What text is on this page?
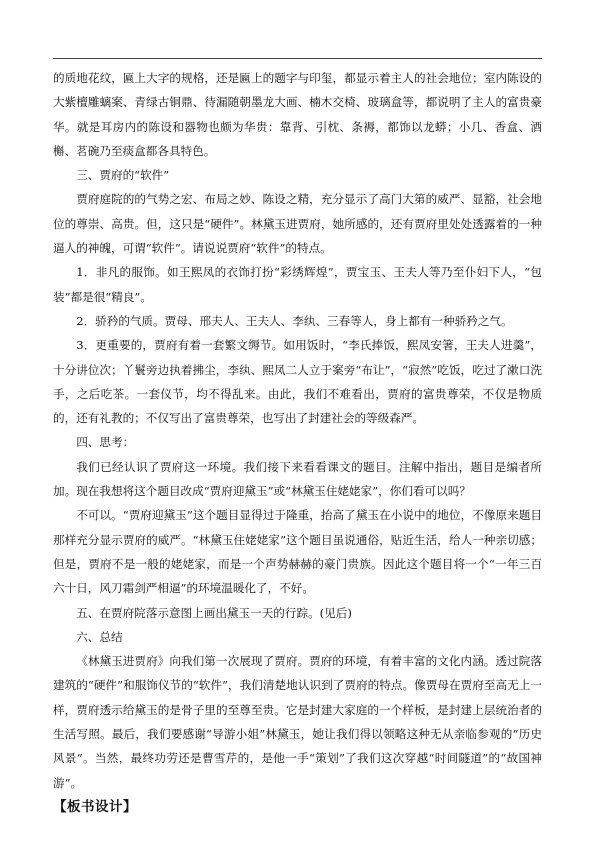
的质地花纹，匾上大字的规格，还是匾上的题字与印玺，都显示着主人的社会地位；室内陈设的大紫檀雕螭案、青绿古铜鼎、待漏随朝墨龙大画、楠木交椅、玻璃盒等，都说明了主人的富贵豪华。就是耳房内的陈设和器物也颇为华贵：靠背、引枕、条褥，都饰以龙蟒；小几、香盒、酒槲、茗碗乃至痰盒都各具特色。

三、贾府的“软件”

贾府庭院的的气势之宏、布局之妙、陈设之精，充分显示了高门大第的威严、显豁，社会地位的尊崇、高贵。但，这只是“硬件”。林黛玉进贾府，她所感的，还有贾府里处处透露着的一种逼人的神魄，可谓“软件”。请说说贾府“软件”的特点。

1．非凡的服饰。如王熙凤的衣饰打扮“彩绣辉煌”，贾宝玉、王夫人等乃至仆妇下人，“包装”都是很“精良”。

2．骄矜的气质。贾母、邢夫人、王夫人、李纨、三春等人，身上都有一种骄矜之气。

3．更重要的，贾府有着一套繁文缛节。如用饭时，“李氏捧饭，熙凤安箸，王夫人进羹”，十分讲位次；丫鬟旁边执着拂尘，李纨、熙凤二人立于案旁“布让”，“寂然”吃饭，吃过了漱口洗手，之后吃茶。一套仪节，均不得乱来。由此，我们不难看出，贾府的富贵尊荣，不仅是物质的，还有礼教的；不仅写出了富贵尊荣，也写出了封建社会的等级森严。

四、思考：

我们已经认识了贾府这一环境。我们接下来看看课文的题目。注解中指出，题目是编者所加。现在我想将这个题目改成“贾府迎黛玉”或“林黛玉住姥姥家”，你们看可以吗？

不可以。“贾府迎黛玉”这个题目显得过于隆重，抬高了黛玉在小说中的地位，不像原来题目那样充分显示贾府的威严。“林黛玉住姥姥家”这个题目虽说通俗，贴近生活，给人一种亲切感；但是，贾府不是一般的姥姥家，而是一个声势赫赫的豪门贵族。因此这个题目将一个“一年三百六十日，风刀霜剑严相逼”的环境温暖化了，不好。

五、在贾府院落示意图上画出黛玉一天的行踪。(见后)

六、总结

《林黛玉进贾府》向我们第一次展现了贾府。贾府的环境，有着丰富的文化内涵。透过院落建筑的“硬件”和服饰仪节的“软件”，我们清楚地认识到了贾府的特点。像贾母在贾府至高无上一样，贾府透示给黛玉的是骨子里的至尊至贵。它是封建大家庭的一个样板，是封建上层统治者的生活写照。最后，我们要感谢“导游小姐”林黛玉，她让我们得以领略这种无从亲临参观的“历史风景”。当然，最终功劳还是曹雪芹的，是他一手“策划”了我们这次穿越“时间隧道”的“故国神游”。

【板书设计】
